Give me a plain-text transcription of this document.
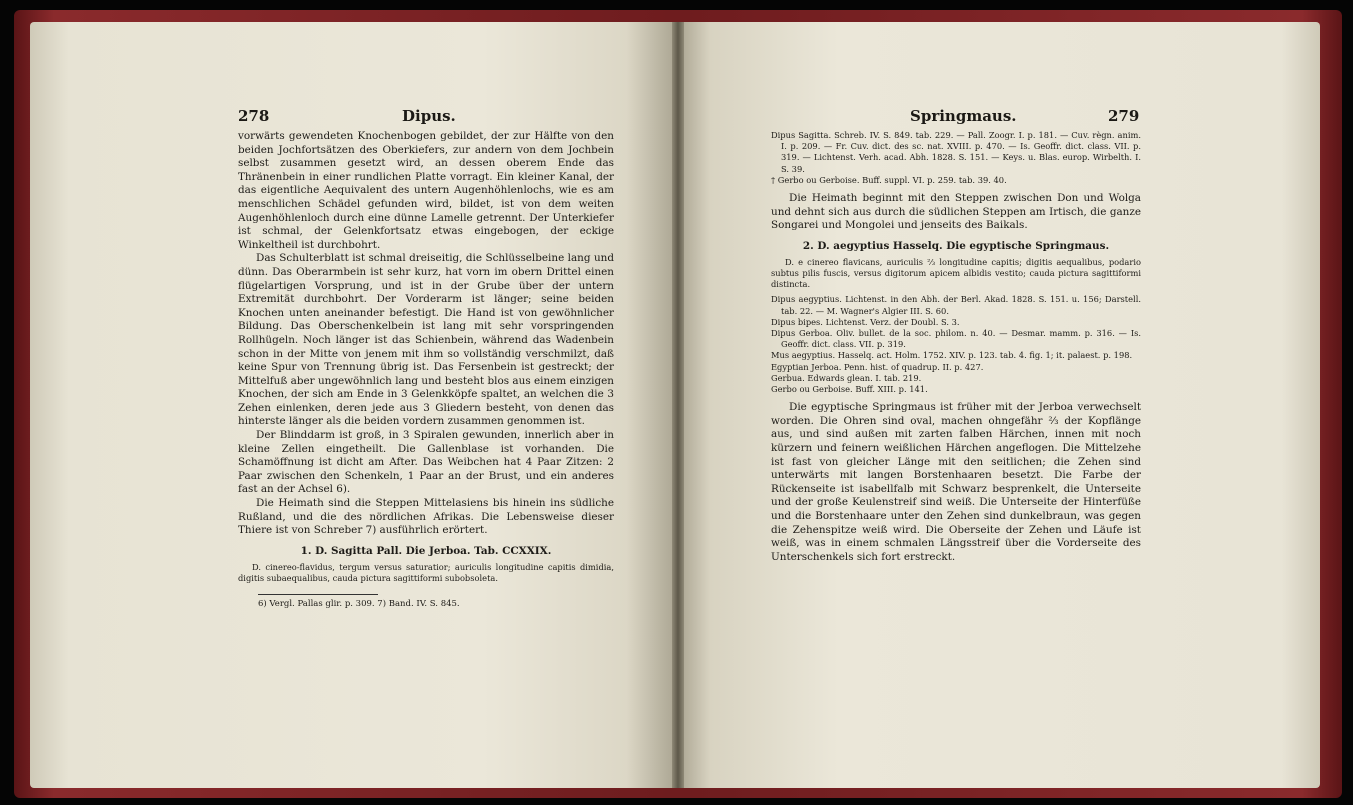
278	Dipus.

vorwärts gewendeten Knochenbogen gebildet, der zur Hälfte von den beiden Jochfortsätzen des Oberkiefers, zur andern von dem Jochbein selbst zusammen gesetzt wird, an dessen oberem Ende das Thränenbein in einer rundlichen Platte vorragt. Ein kleiner Kanal, der das eigentliche Aequivalent des untern Augenhöhlenlochs, wie es am menschlichen Schädel gefunden wird, bildet, ist von dem weiten Augenhöhlenloch durch eine dünne Lamelle getrennt. Der Unterkiefer ist schmal, der Gelenkfortsatz etwas eingebogen, der eckige Winkeltheil ist durchbohrt.

Das Schulterblatt ist schmal dreiseitig, die Schlüsselbeine lang und dünn. Das Oberarmbein ist sehr kurz, hat vorn im obern Drittel einen flügelartigen Vorsprung, und ist in der Grube über der untern Extremität durchbohrt. Der Vorderarm ist länger; seine beiden Knochen unten aneinander befestigt. Die Hand ist von gewöhnlicher Bildung. Das Oberschenkelbein ist lang mit sehr vorspringenden Rollhügeln. Noch länger ist das Schienbein, während das Wadenbein schon in der Mitte von jenem mit ihm so vollständig verschmilzt, daß keine Spur von Trennung übrig ist. Das Fersenbein ist gestreckt; der Mittelfuß aber ungewöhnlich lang und besteht blos aus einem einzigen Knochen, der sich am Ende in 3 Gelenkköpfe spaltet, an welchen die 3 Zehen einlenken, deren jede aus 3 Gliedern besteht, von denen das hinterste länger als die beiden vordern zusammen genommen ist.

Der Blinddarm ist groß, in 3 Spiralen gewunden, innerlich aber in kleine Zellen eingetheilt. Die Gallenblase ist vorhanden. Die Schamöffnung ist dicht am After. Das Weibchen hat 4 Paar Zitzen: 2 Paar zwischen den Schenkeln, 1 Paar an der Brust, und ein anderes fast an der Achsel 6).

Die Heimath sind die Steppen Mittelasiens bis hinein ins südliche Rußland, und die des nördlichen Afrikas. Die Lebensweise dieser Thiere ist von Schreber 7) ausführlich erörtert.

1. D. Sagitta Pall. Die Jerboa. Tab. CCXXIX.

D. cinereo-flavidus, tergum versus saturatior; auriculis longitudine capitis dimidia, digitis subaequalibus, cauda pictura sagittiformi subobsoleta.

6) Vergl. Pallas glir. p. 309. 7) Band. IV. S. 845.
Springmaus.	279

Dipus Sagitta. Schreb. IV. S. 849. tab. 229. — Pall. Zoogr. I. p. 181. — Cuv. règn. anim. I. p. 209. — Fr. Cuv. dict. des sc. nat. XVIII. p. 470. — Is. Geoffr. dict. class. VII. p. 319. — Lichtenst. Verh. acad. Abh. 1828. S. 151. — Keys. u. Blas. europ. Wirbelth. I. S. 39.

† Gerbo ou Gerboise. Buff. suppl. VI. p. 259. tab. 39. 40.

Die Heimath beginnt mit den Steppen zwischen Don und Wolga und dehnt sich aus durch die südlichen Steppen am Irtisch, die ganze Songarei und Mongolei und jenseits des Baikals.

2. D. aegyptius Hasselq. Die egyptische Springmaus.

D. e cinereo flavicans, auriculis ⅔ longitudine capitis; digitis aequalibus, podario subtus pilis fuscis, versus digitorum apicem albidis vestito; cauda pictura sagittiformi distincta.

Dipus aegyptius. Lichtenst. in den Abh. der Berl. Akad. 1828. S. 151. u. 156; Darstell. tab. 22. — M. Wagner's Algier III. S. 60.

Dipus bipes. Lichtenst. Verz. der Doubl. S. 3.

Dipus Gerboa. Oliv. bullet. de la soc. philom. n. 40. — Desmar. mamm. p. 316. — Is. Geoffr. dict. class. VII. p. 319.

Mus aegyptius. Hasselq. act. Holm. 1752. XIV. p. 123. tab. 4. fig. 1; it. palaest. p. 198.

Egyptian Jerboa. Penn. hist. of quadrup. II. p. 427.

Gerbua. Edwards glean. I. tab. 219.

Gerbo ou Gerboise. Buff. XIII. p. 141.

Die egyptische Springmaus ist früher mit der Jerboa verwechselt worden. Die Ohren sind oval, machen ohngefähr ⅔ der Kopflänge aus, und sind außen mit zarten falben Härchen, innen mit noch kürzern und feinern weißlichen Härchen angeflogen. Die Mittelzehe ist fast von gleicher Länge mit den seitlichen; die Zehen sind unterwärts mit langen Borstenhaaren besetzt. Die Farbe der Rückenseite ist isabellfalb mit Schwarz besprenkelt, die Unterseite und der große Keulenstreif sind weiß. Die Unterseite der Hinterfüße und die Borstenhaare unter den Zehen sind dunkelbraun, was gegen die Zehenspitze weiß wird. Die Oberseite der Zehen und Läufe ist weiß, was in einem schmalen Längsstreif über die Vorderseite des Unterschenkels sich fort erstreckt.
